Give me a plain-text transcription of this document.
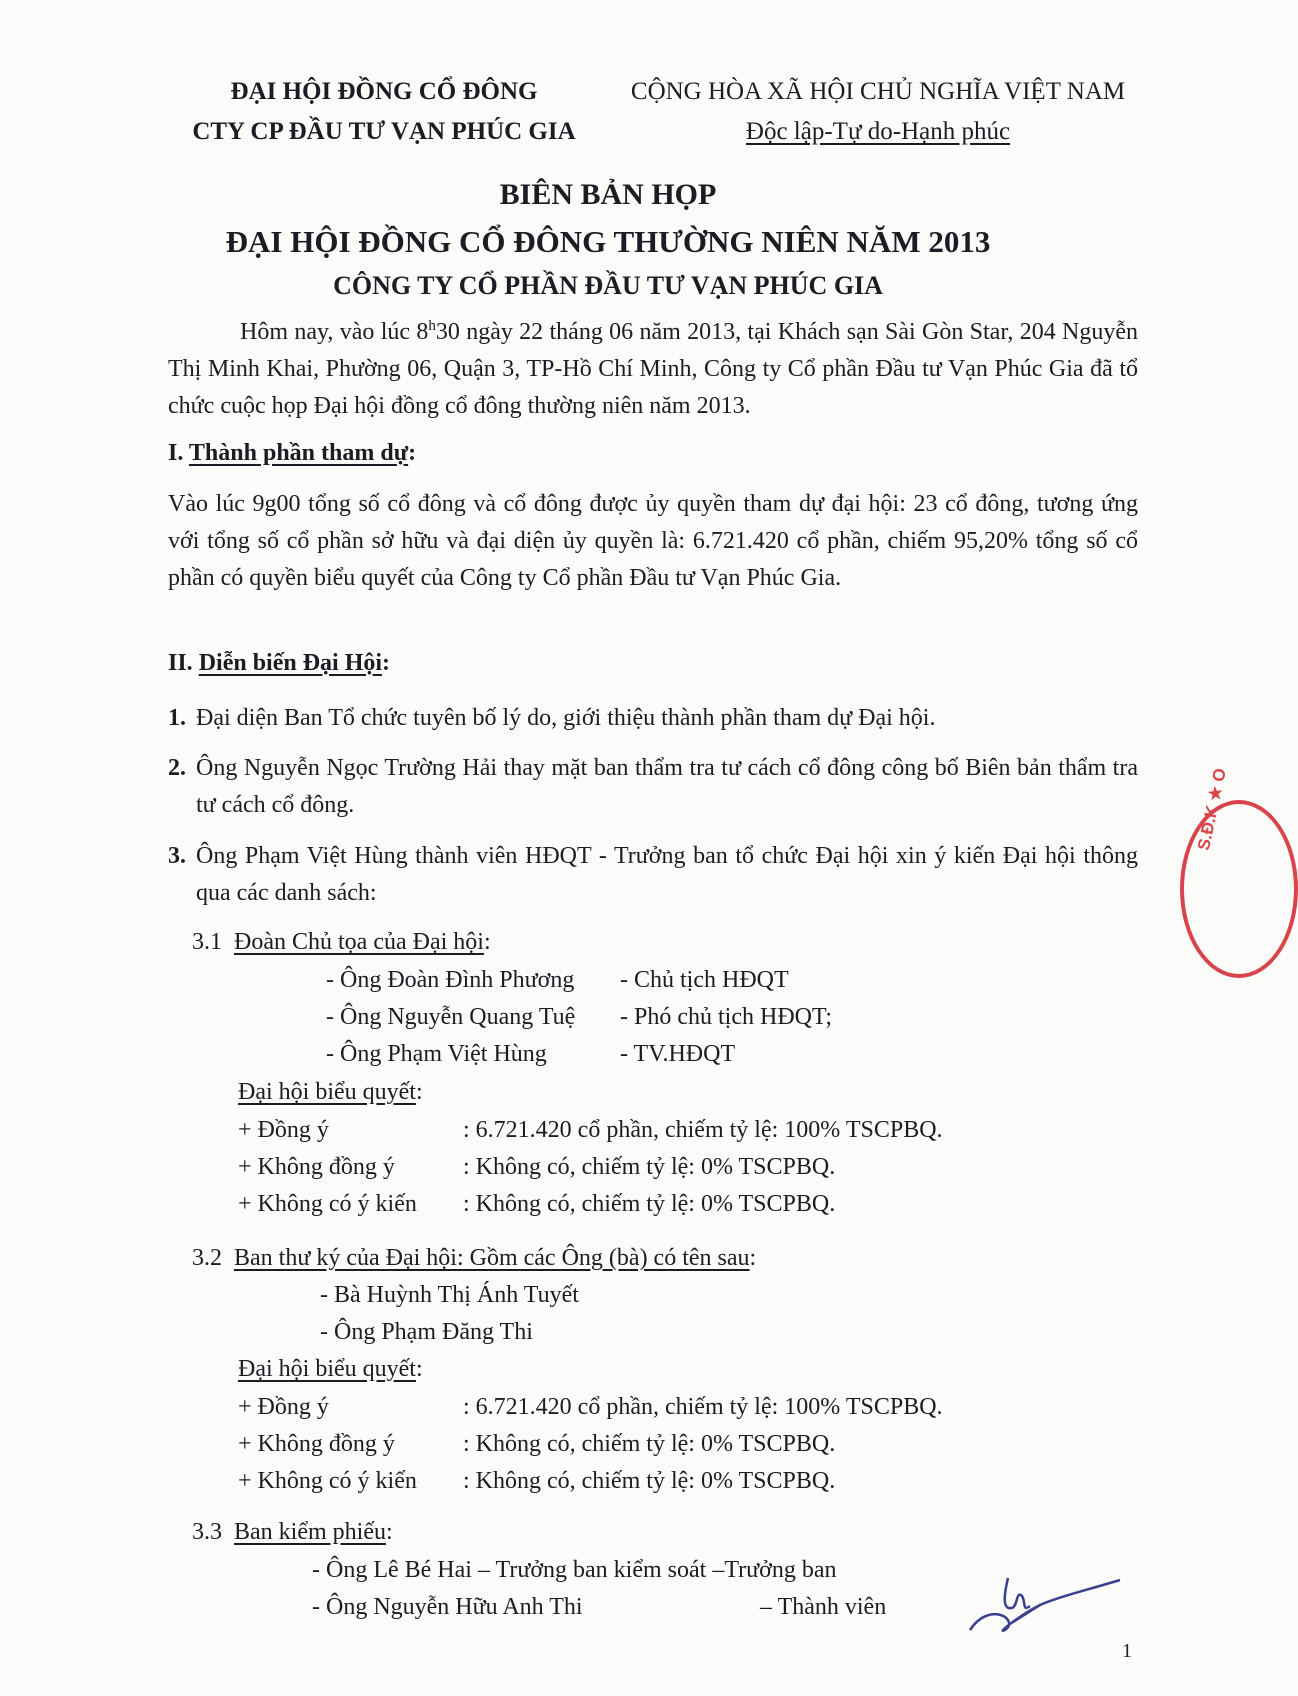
ĐẠI HỘI ĐỒNG CỔ ĐÔNG
CTY CP ĐẦU TƯ VẠN PHÚC GIA
CỘNG HÒA XÃ HỘI CHỦ NGHĨA VIỆT NAM
Độc lập-Tự do-Hạnh phúc
BIÊN BẢN HỌP
ĐẠI HỘI ĐỒNG CỔ ĐÔNG THƯỜNG NIÊN NĂM 2013
CÔNG TY CỔ PHẦN ĐẦU TƯ VẠN PHÚC GIA
Hôm nay, vào lúc 8$^h$30 ngày 22 tháng 06 năm 2013, tại Khách sạn Sài Gòn Star, 204 Nguyễn Thị Minh Khai, Phường 06, Quận 3, TP-Hồ Chí Minh, Công ty Cổ phần Đầu tư Vạn Phúc Gia đã tổ chức cuộc họp Đại hội đồng cổ đông thường niên năm 2013.
I. Thành phần tham dự:
Vào lúc 9g00 tổng số cổ đông và cổ đông được ủy quyền tham dự đại hội: 23 cổ đông, tương ứng với tổng số cổ phần sở hữu và đại diện ủy quyền là: 6.721.420 cổ phần, chiếm 95,20% tổng số cổ phần có quyền biểu quyết của Công ty Cổ phần Đầu tư Vạn Phúc Gia.
II. Diễn biến Đại Hội:
1. Đại diện Ban Tổ chức tuyên bố lý do, giới thiệu thành phần tham dự Đại hội.
2. Ông Nguyễn Ngọc Trường Hải thay mặt ban thẩm tra tư cách cổ đông công bố Biên bản thẩm tra tư cách cổ đông.
3. Ông Phạm Việt Hùng thành viên HĐQT - Trưởng ban tổ chức Đại hội xin ý kiến Đại hội thông qua các danh sách:
3.1 Đoàn Chủ tọa của Đại hội:
- Ông Đoàn Đình Phương - Chủ tịch HĐQT
- Ông Nguyễn Quang Tuệ - Phó chủ tịch HĐQT;
- Ông Phạm Việt Hùng	- TV.HĐQT
Đại hội biểu quyết:
+ Đồng ý	: 6.721.420 cổ phần, chiếm tỷ lệ: 100% TSCPBQ.
+ Không đồng ý	: Không có, chiếm tỷ lệ: 0% TSCPBQ.
+ Không có ý kiến : Không có, chiếm tỷ lệ: 0% TSCPBQ.
3.2 Ban thư ký của Đại hội: Gồm các Ông (bà) có tên sau:
- Bà Huỳnh Thị Ánh Tuyết
- Ông Phạm Đăng Thi
Đại hội biểu quyết:
+ Đồng ý	: 6.721.420 cổ phần, chiếm tỷ lệ: 100% TSCPBQ.
+ Không đồng ý	: Không có, chiếm tỷ lệ: 0% TSCPBQ.
+ Không có ý kiến : Không có, chiếm tỷ lệ: 0% TSCPBQ.
3.3 Ban kiểm phiếu:
- Ông Lê Bé Hai – Trưởng ban kiểm soát –Trưởng ban
- Ông Nguyễn Hữu Anh Thi	– Thành viên
S.Đ.K ★ O
1
